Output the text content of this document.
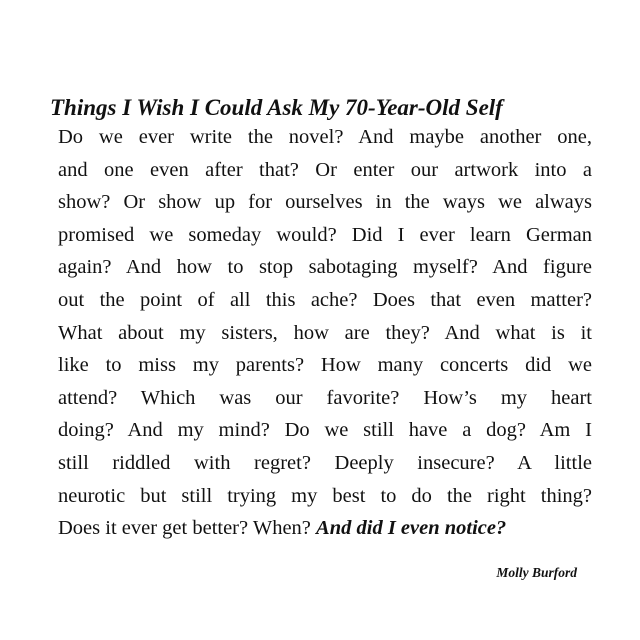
Things I Wish I Could Ask My 70-Year-Old Self
Do we ever write the novel? And maybe another one,
and one even after that? Or enter our artwork into a
show? Or show up for ourselves in the ways we always
promised we someday would? Did I ever learn German
again? And how to stop sabotaging myself? And figure
out the point of all this ache? Does that even matter?
What about my sisters, how are they? And what is it
like to miss my parents? How many concerts did we
attend? Which was our favorite? How’s my heart
doing? And my mind? Do we still have a dog? Am I
still riddled with regret? Deeply insecure? A little
neurotic but still trying my best to do the right thing?
Does it ever get better? When? And did I even notice?

Molly Burford
